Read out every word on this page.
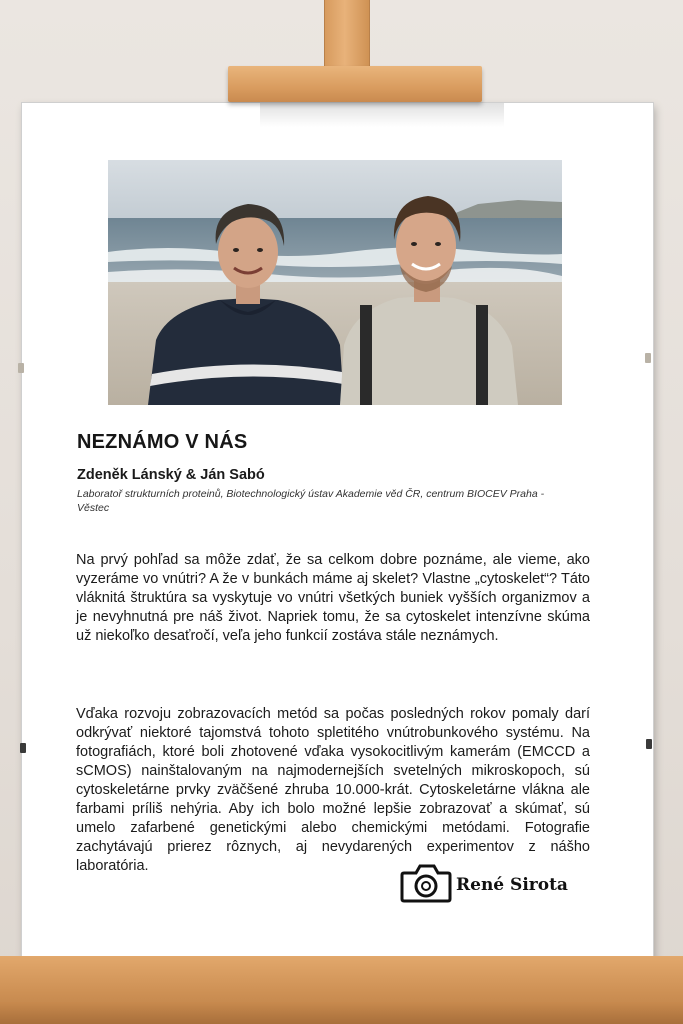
NEZNÁMO V NÁS

Zdeněk Lánský & Ján Sabó

Laboratoř strukturních proteinů, Biotechnologický ústav Akademie věd ČR, centrum BIOCEV Praha - Věstec

Na prvý pohľad sa môže zdať, že sa celkom dobre poznáme, ale vieme, ako vyzeráme vo vnútri? A že v bunkách máme aj skelet? Vlastne „cytoskelet“? Táto vláknitá štruktúra sa vyskytuje vo vnútri všetkých buniek vyšších organizmov a je nevyhnutná pre náš život. Napriek tomu, že sa cytoskelet intenzívne skúma už niekoľko desaťročí, veľa jeho funkcií zostáva stále neznámych.

Vďaka rozvoju zobrazovacích metód sa počas posledných rokov pomaly darí odkrývať niektoré tajomstvá tohoto spletitého vnútrobunkového systému. Na fotografiách, ktoré boli zhotovené vďaka vysokocitlivým kamerám (EMCCD a sCMOS) nainštalovaným na najmodernejších svetelných mikroskopoch, sú cytoskeletárne prvky zväčšené zhruba 10.000-krát. Cytoskeletárne vlákna ale farbami príliš nehýria. Aby ich bolo možné lepšie zobrazovať a skúmať, sú umelo zafarbené genetickými alebo chemickými metódami. Fotografie zachytávajú prierez rôznych, aj nevydarených experimentov z nášho laboratória.

René Sirota
